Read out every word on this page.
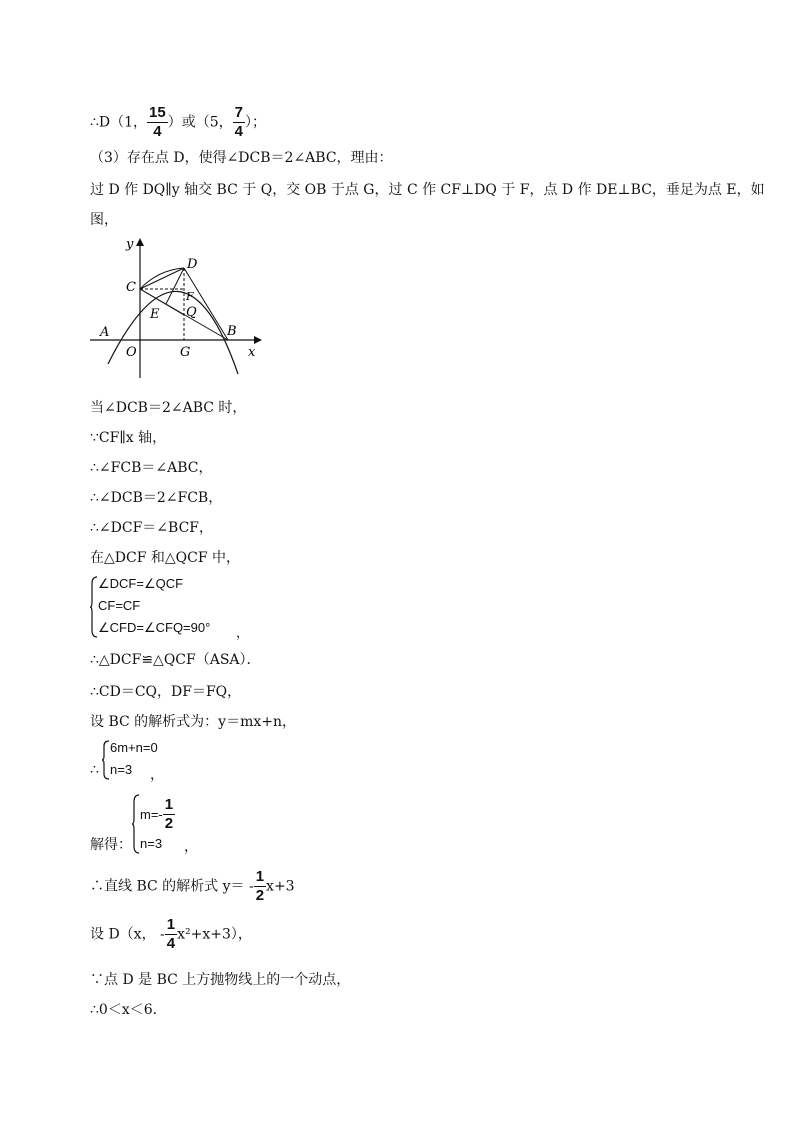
∴D（1， $\frac{15}{4}$ ）或（5， $\frac{7}{4}$ ）；
（3）存在点 D，使得∠DCB＝2∠ABC，理由：
过 D 作 DQ∥y 轴交 BC 于 Q，交 OB 于点 G，过 C 作 CF⊥DQ 于 F，点 D 作 DE⊥BC，垂足为点 E，如
图，
y
x
C
D
F
E Q
A	B
O	G
当∠DCB＝2∠ABC 时，
∵CF∥x 轴，
∴∠FCB＝∠ABC，
∴∠DCB＝2∠FCB，
∴∠DCF＝∠BCF，
在△DCF 和△QCF 中，
∠DCF=∠QCF
CF=CF
∠CFD=∠CFQ=90° ，
∴△DCF≌△QCF（ASA）．
∴CD＝CQ，DF＝FQ，
设 BC 的解析式为：y＝mx+n，
∴
6m+n=0
n=3 ，
解得：
$m=- \frac{1}{2}$
n=3 ，
∴直线 BC 的解析式 $y= - \frac{1}{2} x+3$
设 D（x， - $\frac{1}{4} x^2+x+3$），
∵点 D 是 BC 上方抛物线上的一个动点，
∴0＜x＜6．
